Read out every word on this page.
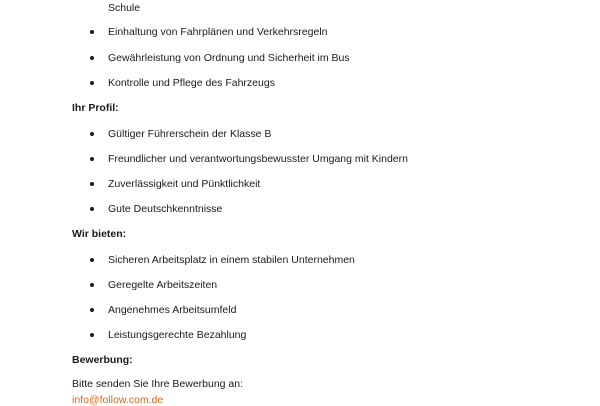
Schule
Einhaltung von Fahrplänen und Verkehrsregeln
Gewährleistung von Ordnung und Sicherheit im Bus
Kontrolle und Pflege des Fahrzeugs
Ihr Profil:
Gültiger Führerschein der Klasse B
Freundlicher und verantwortungsbewusster Umgang mit Kindern
Zuverlässigkeit und Pünktlichkeit
Gute Deutschkenntnisse
Wir bieten:
Sicheren Arbeitsplatz in einem stabilen Unternehmen
Geregelte Arbeitszeiten
Angenehmes Arbeitsumfeld
Leistungsgerechte Bezahlung
Bewerbung:
Bitte senden Sie Ihre Bewerbung an:
info@follow.com.de
